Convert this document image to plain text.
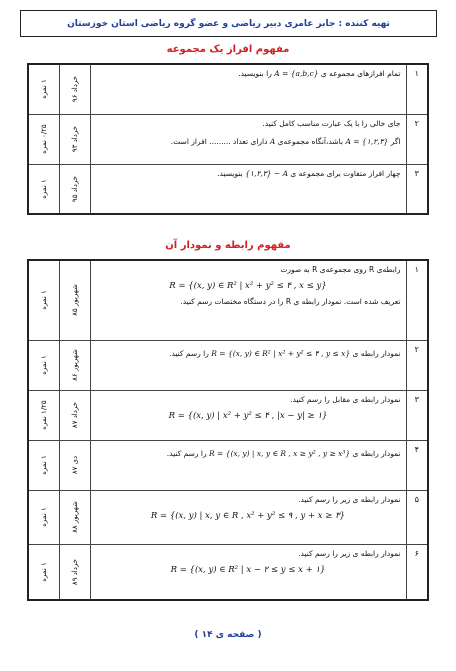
تهیه کننده : جابر عامری دبیر ریاضی و عضو گروه ریاضی استان خوزستان
مفهوم افراز یک مجموعه
۱ نمره	خرداد ۹۶	تمام افرازهای مجموعه ی A = {a,b,c} را بنویسید.	١

۰/۲۵ نمره	خرداد ۹۳	جای خالی را با یک عبارت مناسب کامل کنید.
اگر A = {۱,۲,۳} باشد،آنگاه مجموعه‌ی A دارای تعداد ......... افراز است.	٢

۱ نمره	خرداد ۹۵	چهار افراز متفاوت برای مجموعه ی {۱,۲,۳} − A بنویسید.	٣
مفهوم رابطه و نمودار آن
۱ نمره	شهریور ۸۵	رابطه‌ی R روی مجموعه‌ی R به صورت
R = {(x, y) ∈ R² | x² + y² ≤ ۴ , x ≤ y}
تعریف شده است. نمودار رابطه ی R را در دستگاه مختصات رسم کنید.	١

۱ نمره	شهریور ۸۶	نمودار رابطه ی R = {(x, y) ∈ R² | x² + y² ≤ ۴ , y ≤ x} را رسم کنید.	٢

۱/۲۵ نمره	خرداد ۸۷	نمودار رابطه ی مقابل را رسم کنید.
R = {(x, y) | x² + y² ≤ ۴ , |x − y| ≥ ۱}	٣

۱ نمره	دی ۸۷	نمودار رابطه ی R = {(x, y) | x, y ∈ R , x ≥ y² , y ≥ x³} را رسم کنید.	۴

۱ نمره	شهریور ۸۸	نمودار رابطه ی زیر را رسم کنید.
R = {(x, y) | x, y ∈ R , x² + y² ≤ ۹ , y + x ≥ ۳}	۵

۱ نمره	خرداد ۸۹	نمودار رابطه ی زیر را رسم کنید.
R = {(x, y) ∈ R² | x − ۲ ≤ y ≤ x + ۱}	۶
( صفحه ی ۱۴ )
